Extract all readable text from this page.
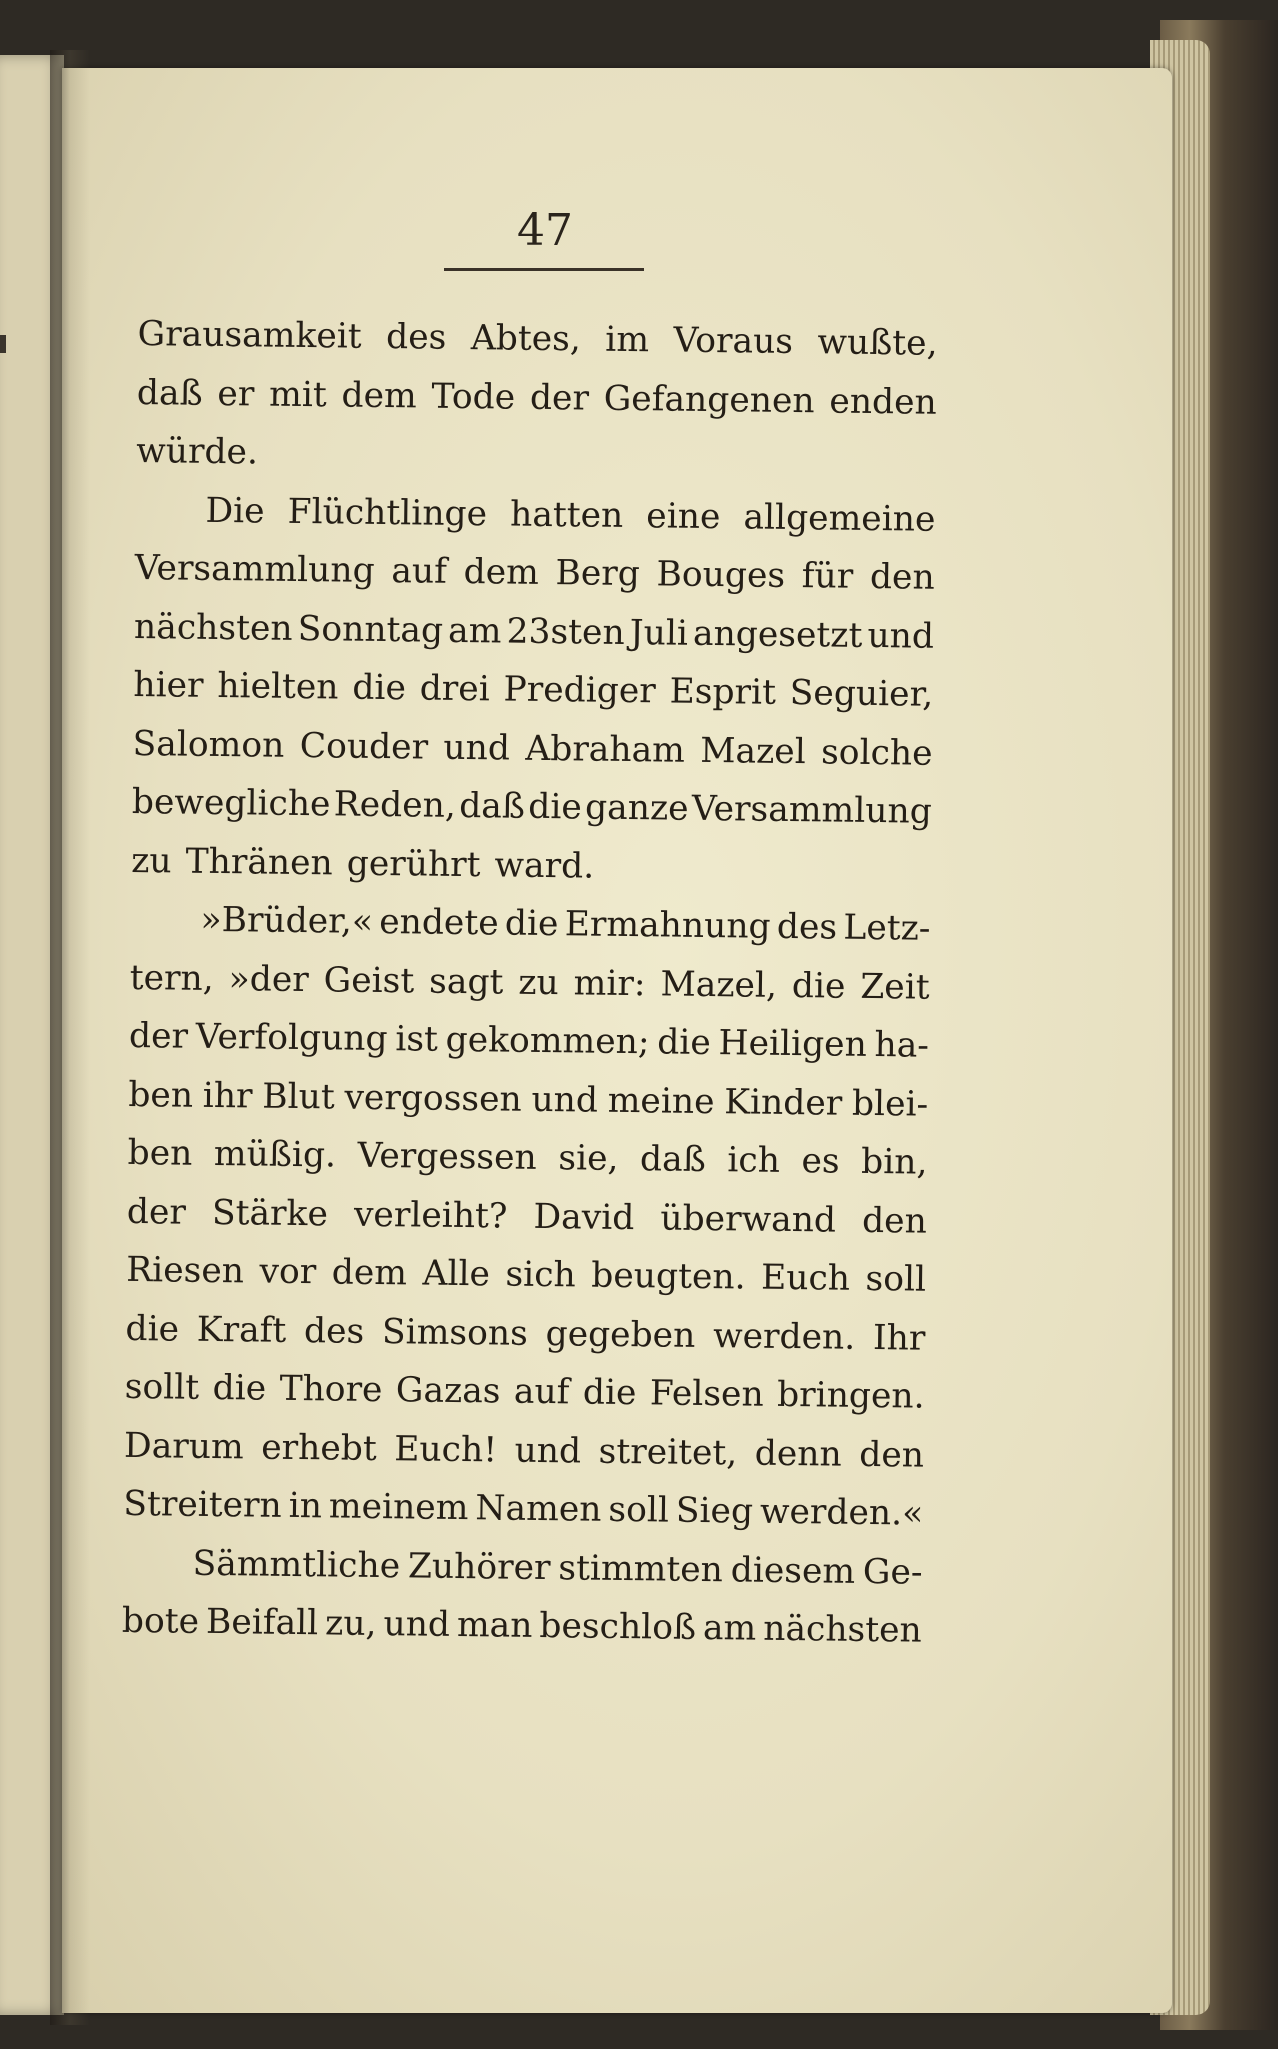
47
Grausamkeit des Abtes, im Voraus wußte,
daß er mit dem Tode der Gefangenen enden
würde.
Die Flüchtlinge hatten eine allgemeine
Versammlung auf dem Berg Bouges für den
nächsten Sonntag am 23sten Juli angesetzt und
hier hielten die drei Prediger Esprit Seguier,
Salomon Couder und Abraham Mazel solche
bewegliche Reden, daß die ganze Versammlung
zu Thränen gerührt ward.
»Brüder,« endete die Ermahnung des Letz-
tern, »der Geist sagt zu mir: Mazel, die Zeit
der Verfolgung ist gekommen; die Heiligen ha-
ben ihr Blut vergossen und meine Kinder blei-
ben müßig. Vergessen sie, daß ich es bin,
der Stärke verleiht? David überwand den
Riesen vor dem Alle sich beugten. Euch soll
die Kraft des Simsons gegeben werden. Ihr
sollt die Thore Gazas auf die Felsen bringen.
Darum erhebt Euch! und streitet, denn den
Streitern in meinem Namen soll Sieg werden.«
Sämmtliche Zuhörer stimmten diesem Ge-
bote Beifall zu, und man beschloß am nächsten
